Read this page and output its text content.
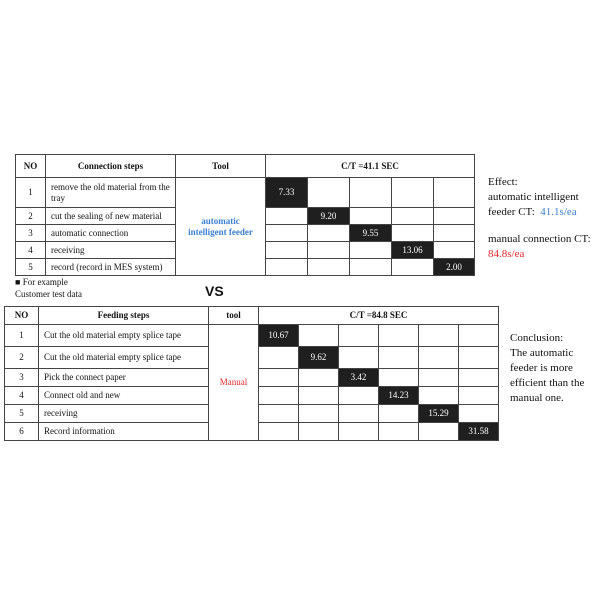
NO	Connection steps	Tool	C/T =41.1 SEC				
1	remove the old material from the tray	automatic intelligent feeder	7.33				
2	cut the sealing of new material			9.20			
3	automatic connection				9.55		
4	receiving					13.06	
5	record (record in MES system)						2.00
■ For example
Customer test data	VS
NO	Feeding steps	tool	C/T =84.8 SEC					
1	Cut the old material empty splice tape	Manual	10.67					
2	Cut the old material empty splice tape			9.62				
3	Pick the connect paper				3.42			
4	Connect old and new					14.23		
5	receiving						15.29	
6	Record information							31.58

Effect:

automatic intelligent feeder CT: 41.1s/ea

manual connection CT: 84.8s/ea

Conclusion:

The automatic feeder is more efficient than the manual one.
